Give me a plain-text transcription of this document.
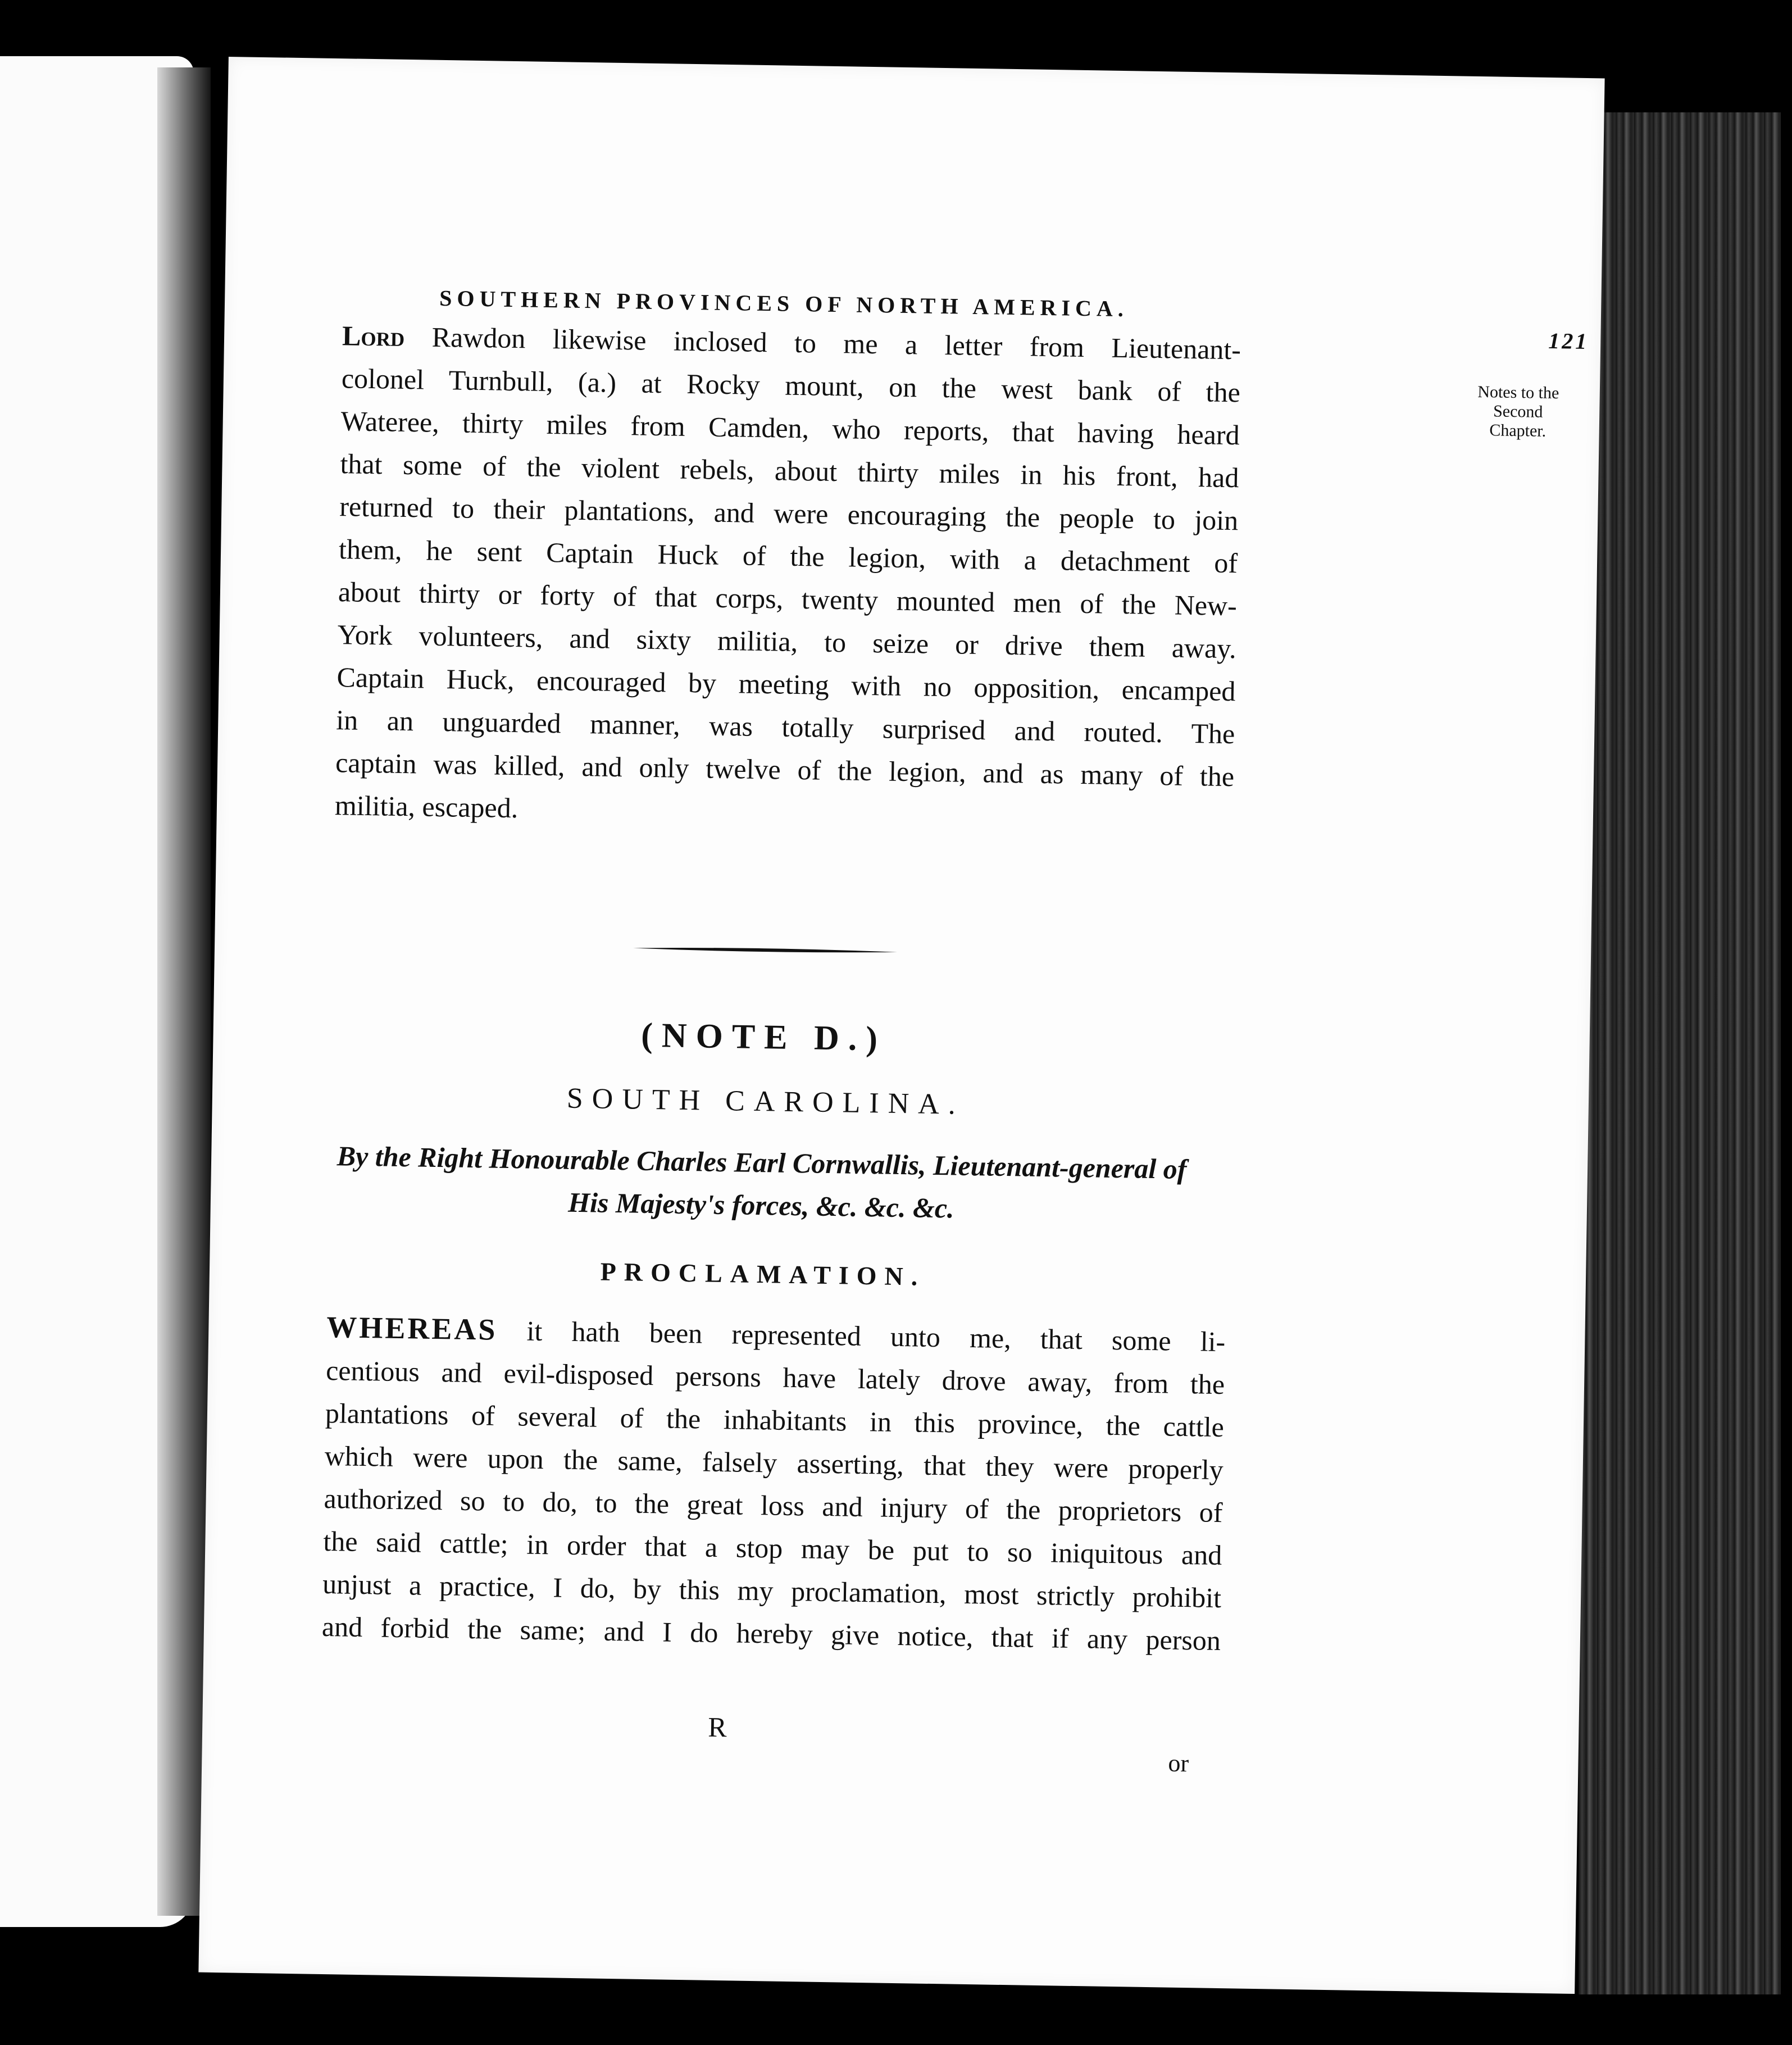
SOUTHERN PROVINCES OF NORTH AMERICA.
121
Notes to the
Second
Chapter.
Lord Rawdon likewise inclosed to me a letter from Lieutenant-
colonel Turnbull, (a.) at Rocky mount, on the west bank of the
Wateree, thirty miles from Camden, who reports, that having heard
that some of the violent rebels, about thirty miles in his front, had
returned to their plantations, and were encouraging the people to join
them, he sent Captain Huck of the legion, with a detachment of
about thirty or forty of that corps, twenty mounted men of the New-
York volunteers, and sixty militia, to seize or drive them away.
Captain Huck, encouraged by meeting with no opposition, encamped
in an unguarded manner, was totally surprised and routed. The
captain was killed, and only twelve of the legion, and as many of the
militia, escaped.
(NOTE D.)
SOUTH CAROLINA.
By the Right Honourable Charles Earl Cornwallis, Lieutenant-general of
His Majesty's forces, &c. &c. &c.
PROCLAMATION.
WHEREAS it hath been represented unto me, that some li-
centious and evil-disposed persons have lately drove away, from the
plantations of several of the inhabitants in this province, the cattle
which were upon the same, falsely asserting, that they were properly
authorized so to do, to the great loss and injury of the proprietors of
the said cattle; in order that a stop may be put to so iniquitous and
unjust a practice, I do, by this my proclamation, most strictly prohibit
and forbid the same; and I do hereby give notice, that if any person
R
or
